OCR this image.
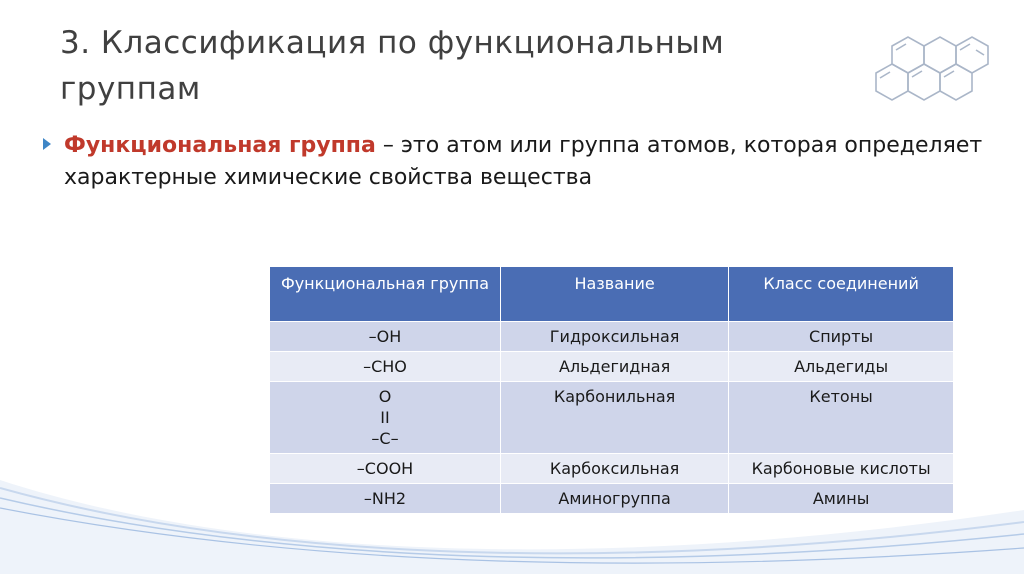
3. Классификация по функциональным группам
Функциональная группа – это атом или группа атомов, которая определяет характерные химические свойства вещества
Функциональная группа	Название	Класс соединений

–OH	Гидроксильная	Спирты

–CHO	Альдегидная	Альдегиды

O
II
–C–	Карбонильная	Кетоны

–COOH	Карбоксильная	Карбоновые кислоты

–NH2	Аминогруппа	Амины
